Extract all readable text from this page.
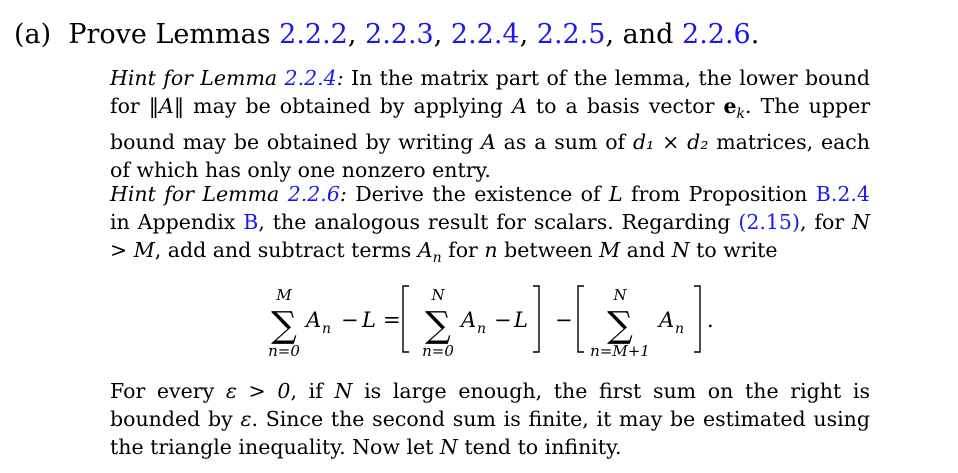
(a) Prove Lemmas 2.2.2, 2.2.3, 2.2.4, 2.2.5, and 2.2.6.
Hint for Lemma 2.2.4: In the matrix part of the lemma, the lower bound for ‖A‖ may be obtained by applying A to a basis vector $e_k$. The upper bound may be obtained by writing A as a sum of d₁ × d₂ matrices, each of which has only one nonzero entry.
Hint for Lemma 2.2.6: Derive the existence of L from Proposition B.2.4 in Appendix B, the analogous result for scalars. Regarding (2.15), for N > M, add and subtract terms $A_n$ for n between M and N to write
M
∑
n=0
A n − L =
N
∑
n=0
A n − L −
N
∑
n=M+1
A n .
For every ε > 0, if N is large enough, the first sum on the right is bounded by ε. Since the second sum is finite, it may be estimated using the triangle inequality. Now let N tend to infinity.
